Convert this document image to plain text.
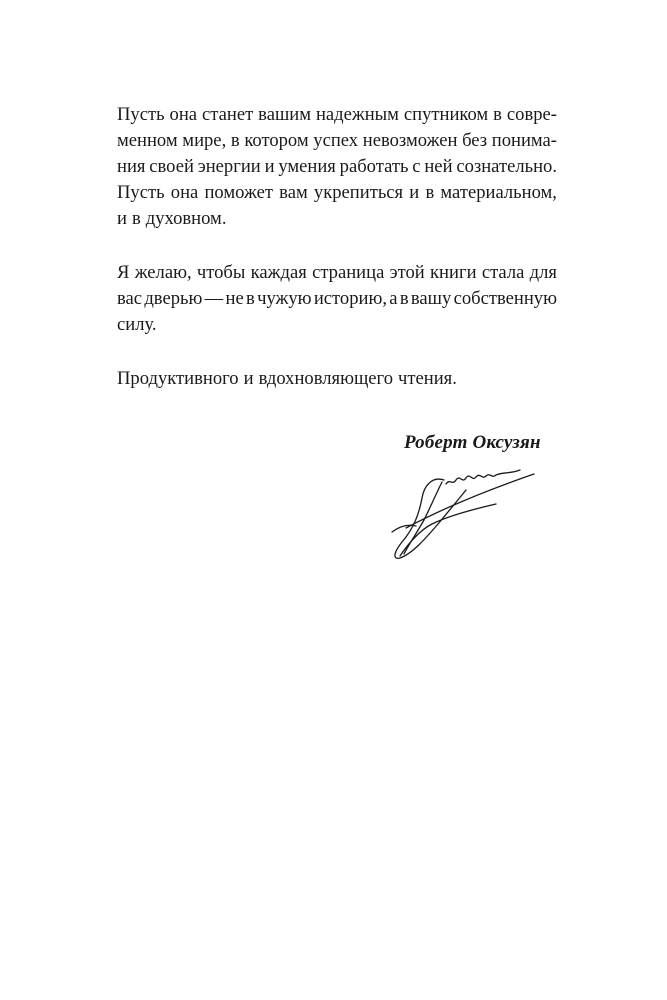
Пусть она станет вашим надежным спутником в совре-
менном мире, в котором успех невозможен без понима-
ния своей энергии и умения работать с ней сознательно.
Пусть она поможет вам укрепиться и в материальном,
и в духовном.
Я желаю, чтобы каждая страница этой книги стала для
вас дверью — не в чужую историю, а в вашу собственную
силу.
Продуктивного и вдохновляющего чтения.
Роберт Оксузян
